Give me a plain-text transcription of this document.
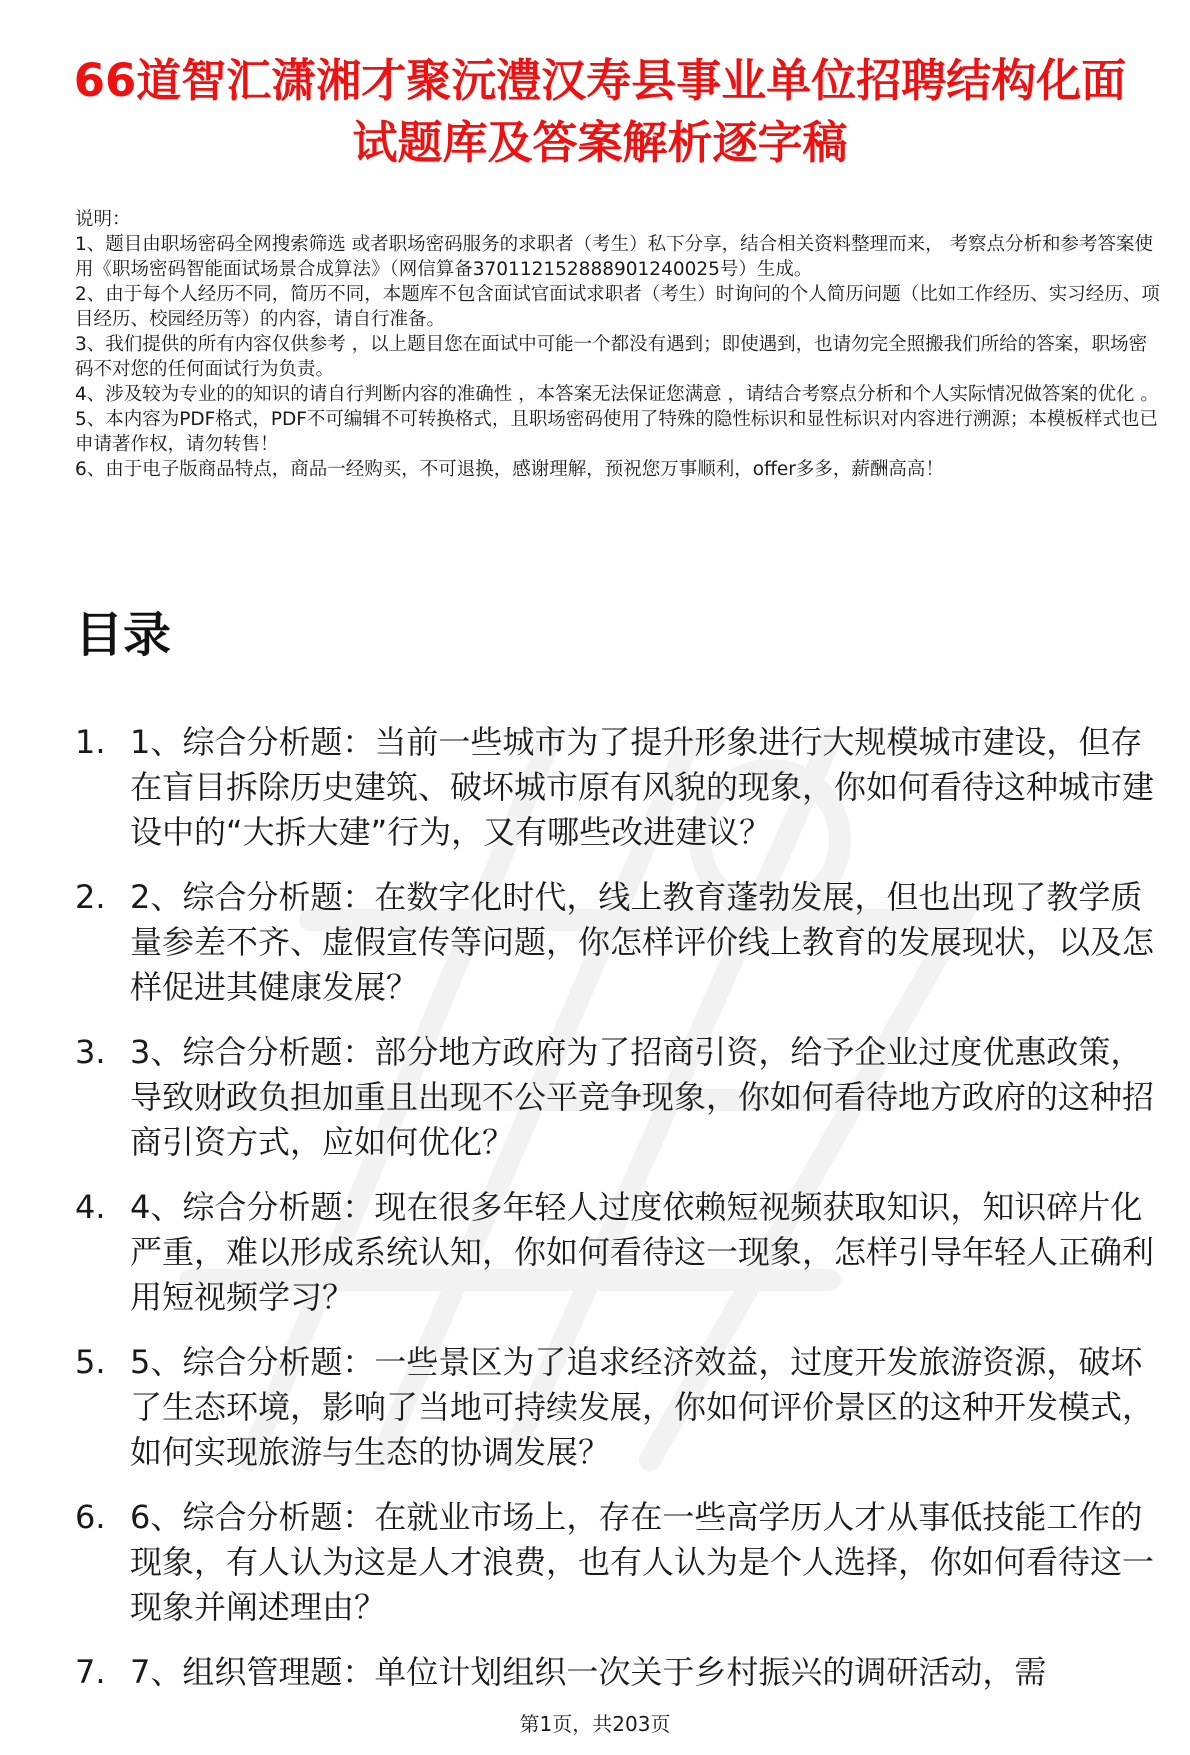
66道智汇潇湘才聚沅澧汉寿县事业单位招聘结构化面试题库及答案解析逐字稿

说明：

1、题目由职场密码全网搜索筛选 或者职场密码服务的求职者（考生）私下分享，结合相关资料整理而来， 考察点分析和参考答案使用《职场密码智能面试场景合成算法》（网信算备370112152888901240025号）生成。

2、由于每个人经历不同，简历不同，本题库不包含面试官面试求职者（考生）时询问的个人简历问题（比如工作经历、实习经历、项目经历、校园经历等）的内容，请自行准备。

3、我们提供的所有内容仅供参考 ，以上题目您在面试中可能一个都没有遇到；即使遇到，也请勿完全照搬我们所给的答案，职场密码不对您的任何面试行为负责。

4、涉及较为专业的的知识的请自行判断内容的准确性 ，本答案无法保证您满意 ，请结合考察点分析和个人实际情况做答案的优化 。

5、本内容为PDF格式，PDF不可编辑不可转换格式，且职场密码使用了特殊的隐性标识和显性标识对内容进行溯源；本模板样式也已申请著作权，请勿转售！

6、由于电子版商品特点，商品一经购买，不可退换，感谢理解，预祝您万事顺利，offer多多，薪酬高高！

目录
1. 1、综合分析题：当前一些城市为了提升形象进行大规模城市建设，但存在盲目拆除历史建筑、破坏城市原有风貌的现象，你如何看待这种城市建设中的“大拆大建”行为，又有哪些改进建议？
2. 2、综合分析题：在数字化时代，线上教育蓬勃发展，但也出现了教学质量参差不齐、虚假宣传等问题，你怎样评价线上教育的发展现状，以及怎样促进其健康发展？
3. 3、综合分析题：部分地方政府为了招商引资，给予企业过度优惠政策，导致财政负担加重且出现不公平竞争现象，你如何看待地方政府的这种招商引资方式，应如何优化？
4. 4、综合分析题：现在很多年轻人过度依赖短视频获取知识，知识碎片化严重，难以形成系统认知，你如何看待这一现象，怎样引导年轻人正确利用短视频学习？
5. 5、综合分析题：一些景区为了追求经济效益，过度开发旅游资源，破坏了生态环境，影响了当地可持续发展，你如何评价景区的这种开发模式，如何实现旅游与生态的协调发展？
6. 6、综合分析题：在就业市场上，存在一些高学历人才从事低技能工作的现象，有人认为这是人才浪费，也有人认为是个人选择，你如何看待这一现象并阐述理由？
7. 7、组织管理题：单位计划组织一次关于乡村振兴的调研活动，需
第1页，共203页
